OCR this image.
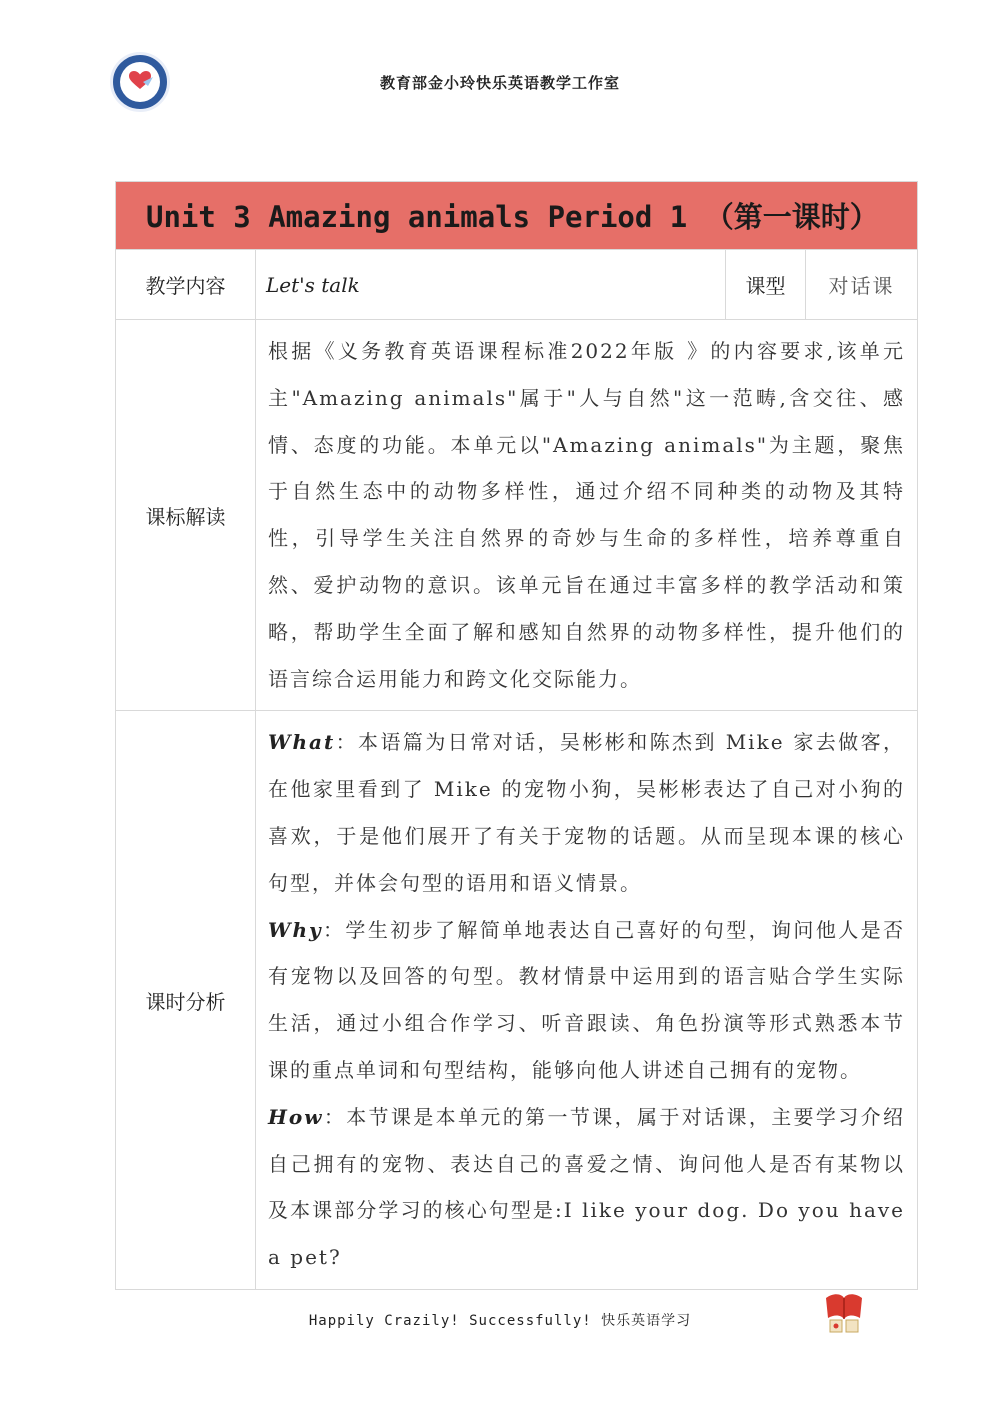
教育部金小玲快乐英语教学工作室
Unit 3 Amazing animals Period 1 （第一课时）			
教学内容	Let's talk	课型	对话课
课标解读	根据《义务教育英语课程标准2022年版 》的内容要求,该单元主"Amazing animals"属于"人与自然"这一范畴,含交往、感情、态度的功能。本单元以"Amazing animals"为主题，聚焦于自然生态中的动物多样性，通过介绍不同种类的动物及其特性，引导学生关注自然界的奇妙与生命的多样性，培养尊重自然、爱护动物的意识。该单元旨在通过丰富多样的教学活动和策略，帮助学生全面了解和感知自然界的动物多样性，提升他们的语言综合运用能力和跨文化交际能力。		

课时分析	What：本语篇为日常对话，吴彬彬和陈杰到 Mike 家去做客，在他家里看到了 Mike 的宠物小狗，吴彬彬表达了自己对小狗的喜欢，于是他们展开了有关于宠物的话题。从而呈现本课的核心句型，并体会句型的语用和语义情景。

Why：学生初步了解简单地表达自己喜好的句型，询问他人是否有宠物以及回答的句型。教材情景中运用到的语言贴合学生实际生活，通过小组合作学习、听音跟读、角色扮演等形式熟悉本节课的重点单词和句型结构，能够向他人讲述自己拥有的宠物。

How：本节课是本单元的第一节课，属于对话课，主要学习介绍自己拥有的宠物、表达自己的喜爱之情、询问他人是否有某物以及本课部分学习的核心句型是:I like your dog. Do you have a pet?		

Happily Crazily! Successfully! 快乐英语学习
